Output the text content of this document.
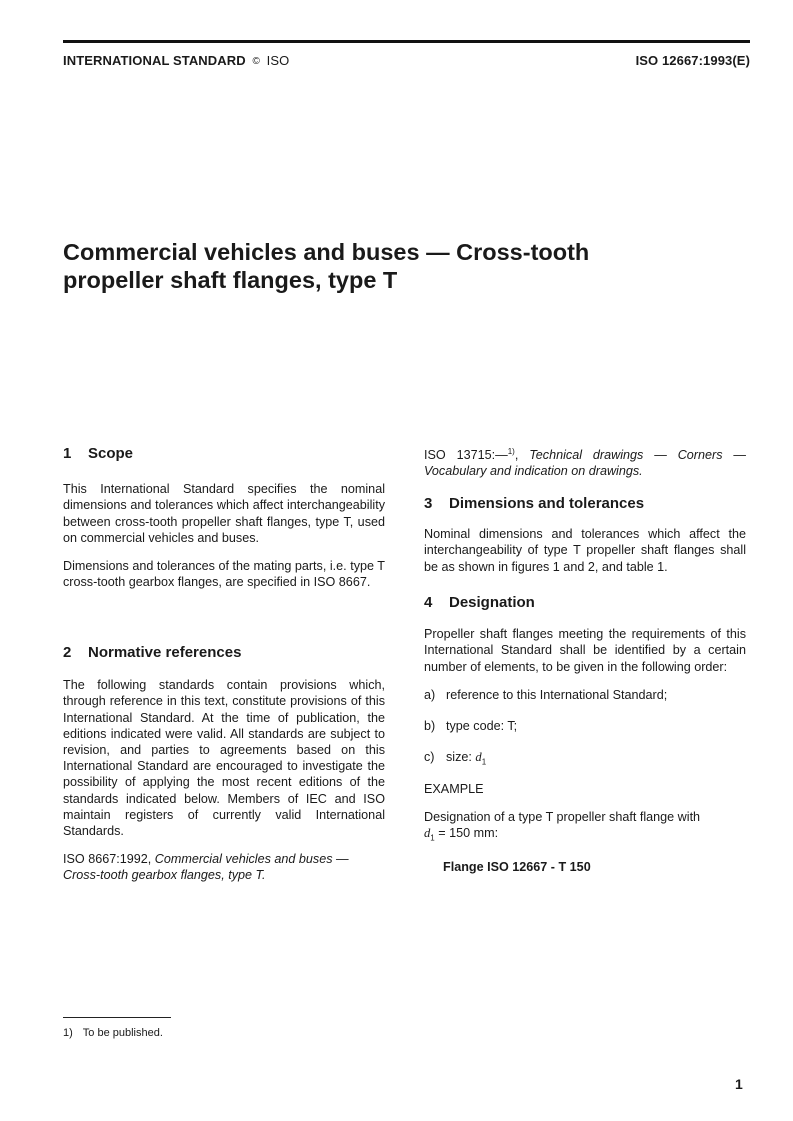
INTERNATIONAL STANDARD © ISO	ISO 12667:1993(E)
Commercial vehicles and buses — Cross-tooth
propeller shaft flanges, type T
1 Scope

This International Standard specifies the nominal dimensions and tolerances which affect interchangeability between cross-tooth propeller shaft flanges, type T, used on commercial vehicles and buses.

Dimensions and tolerances of the mating parts, i.e. type T cross-tooth gearbox flanges, are specified in ISO 8667.

2 Normative references

The following standards contain provisions which, through reference in this text, constitute provisions of this International Standard. At the time of publication, the editions indicated were valid. All standards are subject to revision, and parties to agreements based on this International Standard are encouraged to investigate the possibility of applying the most recent editions of the standards indicated below. Members of IEC and ISO maintain registers of currently valid International Standards.

ISO 8667:1992, Commercial vehicles and buses — Cross-tooth gearbox flanges, type T.

ISO 13715:—$^{1)}$, Technical drawings — Corners — Vocabulary and indication on drawings.

3 Dimensions and tolerances

Nominal dimensions and tolerances which affect the interchangeability of type T propeller shaft flanges shall be as shown in figures 1 and 2, and table 1.

4 Designation

Propeller shaft flanges meeting the requirements of this International Standard shall be identified by a certain number of elements, to be given in the following order:

a) reference to this International Standard;
b) type code: T;
c) size: $d_1$

EXAMPLE

Designation of a type T propeller shaft flange with

$d_1 = 150$ mm:

Flange ISO 12667 - T 150

1) To be published.
1
